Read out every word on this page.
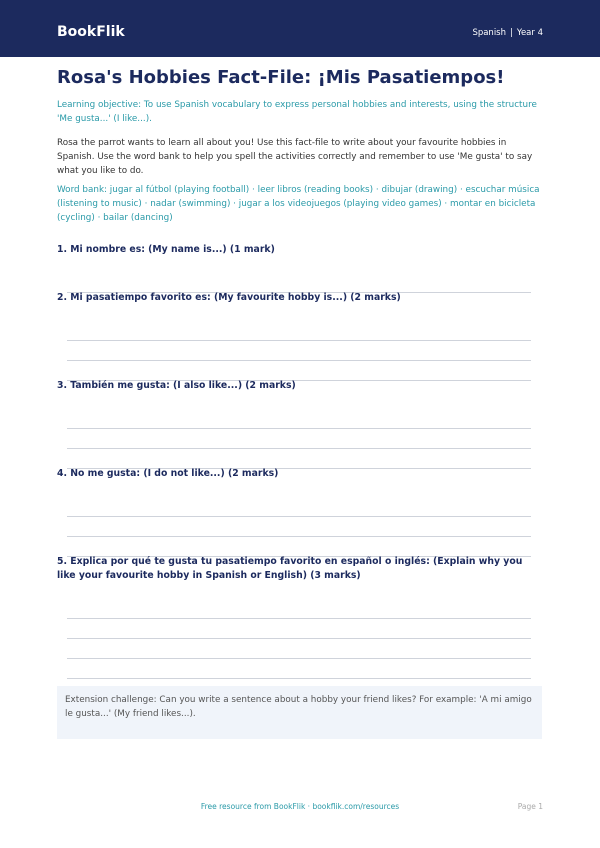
BookFlik	Spanish | Year 4
Rosa's Hobbies Fact-File: ¡Mis Pasatiempos!
Learning objective: To use Spanish vocabulary to express personal hobbies and interests, using the structure 'Me gusta...' (I like...).
Rosa the parrot wants to learn all about you! Use this fact-file to write about your favourite hobbies in Spanish. Use the word bank to help you spell the activities correctly and remember to use 'Me gusta' to say what you like to do.
Word bank: jugar al fútbol (playing football) · leer libros (reading books) · dibujar (drawing) · escuchar música (listening to music) · nadar (swimming) · jugar a los videojuegos (playing video games) · montar en bicicleta (cycling) · bailar (dancing)
1. Mi nombre es: (My name is...) (1 mark)
2. Mi pasatiempo favorito es: (My favourite hobby is...) (2 marks)
3. También me gusta: (I also like...) (2 marks)
4. No me gusta: (I do not like...) (2 marks)
5. Explica por qué te gusta tu pasatiempo favorito en español o inglés: (Explain why you like your favourite hobby in Spanish or English) (3 marks)
Extension challenge: Can you write a sentence about a hobby your friend likes? For example: 'A mi amigo le gusta...' (My friend likes...).
Free resource from BookFlik · bookflik.com/resources	Page 1
